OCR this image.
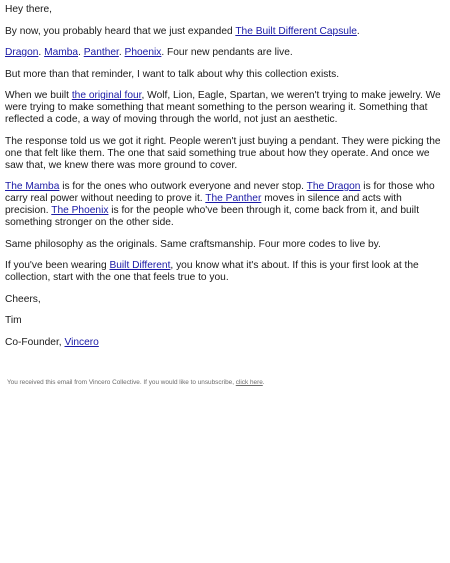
Hey there,

By now, you probably heard that we just expanded The Built Different Capsule.

Dragon. Mamba. Panther. Phoenix. Four new pendants are live.

But more than that reminder, I want to talk about why this collection exists.

When we built the original four, Wolf, Lion, Eagle, Spartan, we weren't trying to make jewelry. We were trying to make something that meant something to the person wearing it. Something that reflected a code, a way of moving through the world, not just an aesthetic.

The response told us we got it right. People weren't just buying a pendant. They were picking the one that felt like them. The one that said something true about how they operate. And once we saw that, we knew there was more ground to cover.

The Mamba is for the ones who outwork everyone and never stop. The Dragon is for those who carry real power without needing to prove it. The Panther moves in silence and acts with precision. The Phoenix is for the people who've been through it, come back from it, and built something stronger on the other side.

Same philosophy as the originals. Same craftsmanship. Four more codes to live by.

If you've been wearing Built Different, you know what it's about. If this is your first look at the collection, start with the one that feels true to you.

Cheers,

Tim

Co-Founder, Vincero

You received this email from Vincero Collective. If you would like to unsubscribe, click here.
